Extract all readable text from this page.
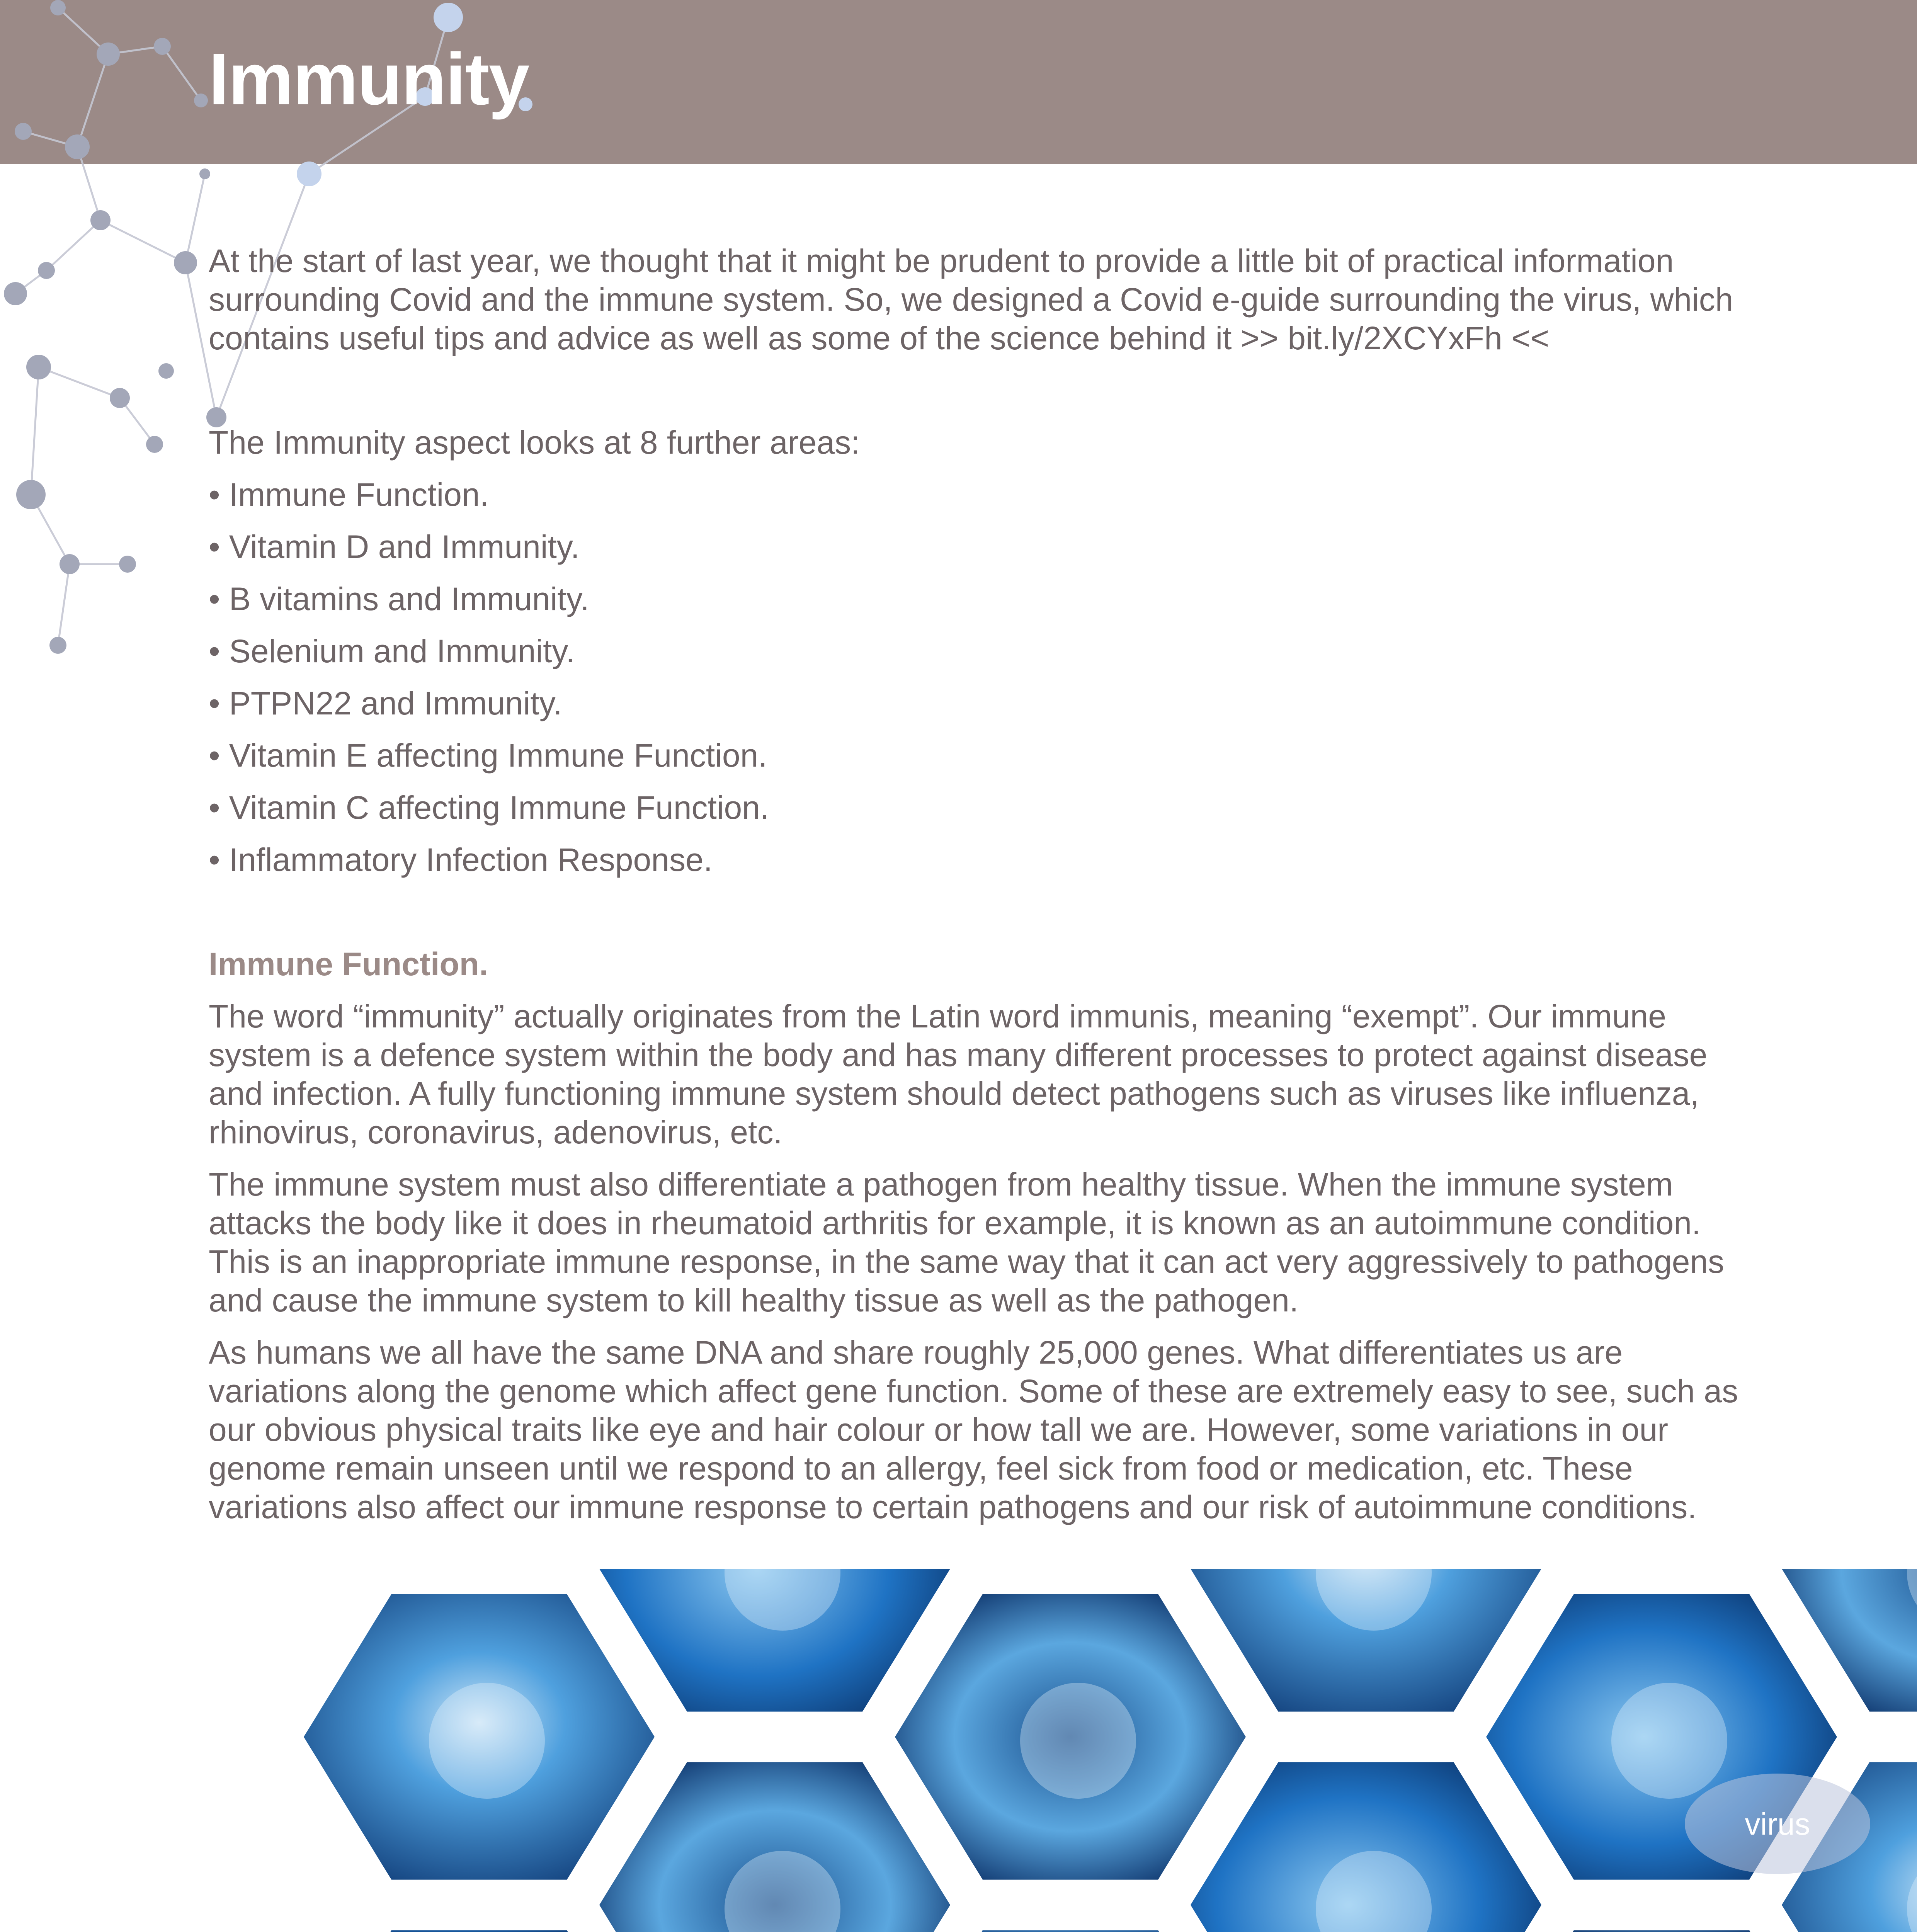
Immunity

At the start of last year, we thought that it might be prudent to provide a little bit of practical information surrounding Covid and the immune system. So, we designed a Covid e-guide surrounding the virus, which contains useful tips and advice as well as some of the science behind it >> bit.ly/2XCYxFh <<

The Immunity aspect looks at 8 further areas:

• Immune Function.

• Vitamin D and Immunity.

• B vitamins and Immunity.

• Selenium and Immunity.

• PTPN22 and Immunity.

• Vitamin E affecting Immune Function.

• Vitamin C affecting Immune Function.

• Inflammatory Infection Response.

Immune Function.

The word “immunity” actually originates from the Latin word immunis, meaning “exempt”. Our immune system is a defence system within the body and has many different processes to protect against disease and infection. A fully functioning immune system should detect pathogens such as viruses like influenza, rhinovirus, coronavirus, adenovirus, etc.

The immune system must also differentiate a pathogen from healthy tissue. When the immune system attacks the body like it does in rheumatoid arthritis for example, it is known as an autoimmune condition. This is an inappropriate immune response, in the same way that it can act very aggressively to pathogens and cause the immune system to kill healthy tissue as well as the pathogen.

As humans we all have the same DNA and share roughly 25,000 genes. What differentiates us are variations along the genome which affect gene function. Some of these are extremely easy to see, such as our obvious physical traits like eye and hair colour or how tall we are. However, some variations in our genome remain unseen until we respond to an allergy, feel sick from food or medication, etc. These variations also affect our immune response to certain pathogens and our risk of autoimmune conditions.

virus
